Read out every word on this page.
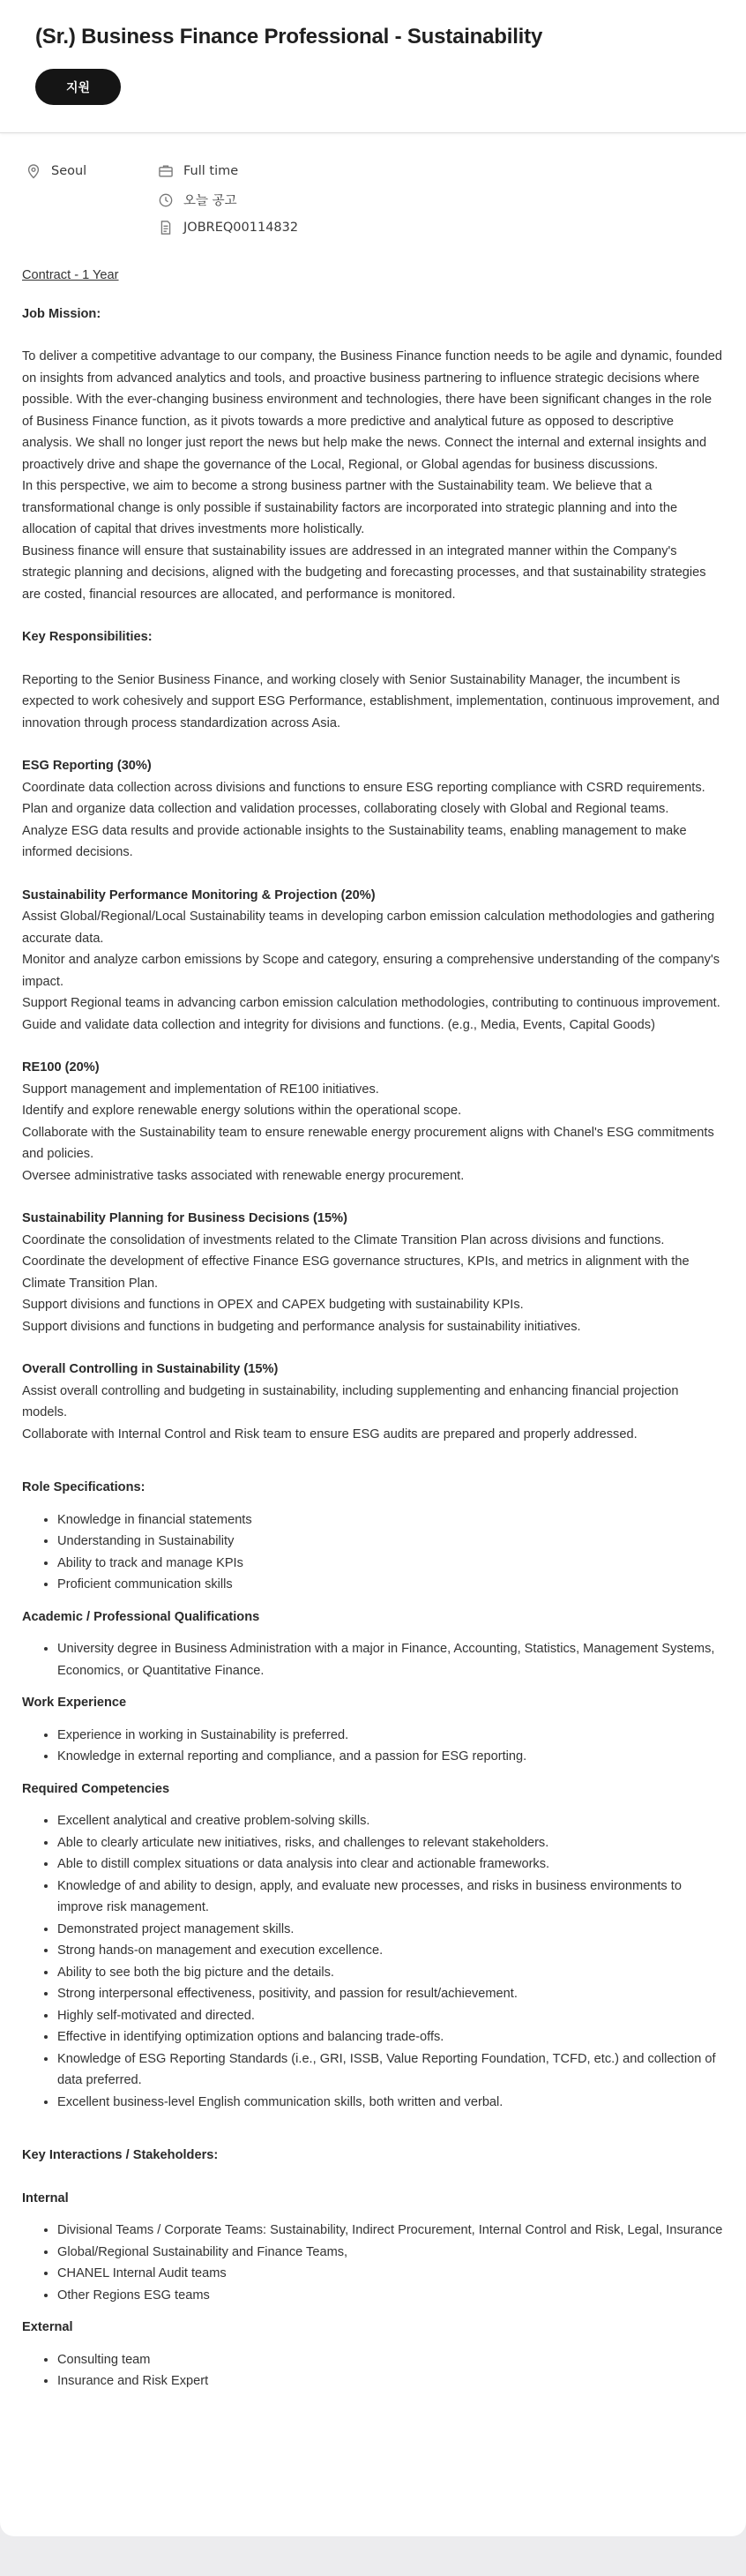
(Sr.) Business Finance Professional - Sustainability
지원
Seoul	Full time
오늘 공고
JOBREQ00114832

Contract - 1 Year

Job Mission:

To deliver a competitive advantage to our company, the Business Finance function needs to be agile and dynamic, founded on insights from advanced analytics and tools, and proactive business partnering to influence strategic decisions where possible. With the ever-changing business environment and technologies, there have been significant changes in the role of Business Finance function, as it pivots towards a more predictive and analytical future as opposed to descriptive analysis. We shall no longer just report the news but help make the news. Connect the internal and external insights and proactively drive and shape the governance of the Local, Regional, or Global agendas for business discussions.

In this perspective, we aim to become a strong business partner with the Sustainability team. We believe that a transformational change is only possible if sustainability factors are incorporated into strategic planning and into the allocation of capital that drives investments more holistically.

Business finance will ensure that sustainability issues are addressed in an integrated manner within the Company's strategic planning and decisions, aligned with the budgeting and forecasting processes, and that sustainability strategies are costed, financial resources are allocated, and performance is monitored.

Key Responsibilities:

Reporting to the Senior Business Finance, and working closely with Senior Sustainability Manager, the incumbent is expected to work cohesively and support ESG Performance, establishment, implementation, continuous improvement, and innovation through process standardization across Asia.

ESG Reporting (30%)

Coordinate data collection across divisions and functions to ensure ESG reporting compliance with CSRD requirements.

Plan and organize data collection and validation processes, collaborating closely with Global and Regional teams.

Analyze ESG data results and provide actionable insights to the Sustainability teams, enabling management to make informed decisions.

Sustainability Performance Monitoring & Projection (20%)

Assist Global/Regional/Local Sustainability teams in developing carbon emission calculation methodologies and gathering accurate data.

Monitor and analyze carbon emissions by Scope and category, ensuring a comprehensive understanding of the company's impact.

Support Regional teams in advancing carbon emission calculation methodologies, contributing to continuous improvement.

Guide and validate data collection and integrity for divisions and functions. (e.g., Media, Events, Capital Goods)

RE100 (20%)

Support management and implementation of RE100 initiatives.

Identify and explore renewable energy solutions within the operational scope.

Collaborate with the Sustainability team to ensure renewable energy procurement aligns with Chanel's ESG commitments and policies.

Oversee administrative tasks associated with renewable energy procurement.

Sustainability Planning for Business Decisions (15%)

Coordinate the consolidation of investments related to the Climate Transition Plan across divisions and functions.

Coordinate the development of effective Finance ESG governance structures, KPIs, and metrics in alignment with the Climate Transition Plan.

Support divisions and functions in OPEX and CAPEX budgeting with sustainability KPIs.

Support divisions and functions in budgeting and performance analysis for sustainability initiatives.

Overall Controlling in Sustainability (15%)

Assist overall controlling and budgeting in sustainability, including supplementing and enhancing financial projection models.

Collaborate with Internal Control and Risk team to ensure ESG audits are prepared and properly addressed.

Role Specifications:

• Knowledge in financial statements
• Understanding in Sustainability
• Ability to track and manage KPIs
• Proficient communication skills

Academic / Professional Qualifications

• University degree in Business Administration with a major in Finance, Accounting, Statistics, Management Systems, Economics, or Quantitative Finance.

Work Experience

• Experience in working in Sustainability is preferred.
• Knowledge in external reporting and compliance, and a passion for ESG reporting.

Required Competencies

• Excellent analytical and creative problem-solving skills.
• Able to clearly articulate new initiatives, risks, and challenges to relevant stakeholders.
• Able to distill complex situations or data analysis into clear and actionable frameworks.
• Knowledge of and ability to design, apply, and evaluate new processes, and risks in business environments to improve risk management.
• Demonstrated project management skills.
• Strong hands-on management and execution excellence.
• Ability to see both the big picture and the details.
• Strong interpersonal effectiveness, positivity, and passion for result/achievement.
• Highly self-motivated and directed.
• Effective in identifying optimization options and balancing trade-offs.
• Knowledge of ESG Reporting Standards (i.e., GRI, ISSB, Value Reporting Foundation, TCFD, etc.) and collection of data preferred.
• Excellent business-level English communication skills, both written and verbal.

Key Interactions / Stakeholders:

Internal

• Divisional Teams / Corporate Teams: Sustainability, Indirect Procurement, Internal Control and Risk, Legal, Insurance
• Global/Regional Sustainability and Finance Teams,
• CHANEL Internal Audit teams
• Other Regions ESG teams

External

• Consulting team
• Insurance and Risk Expert
